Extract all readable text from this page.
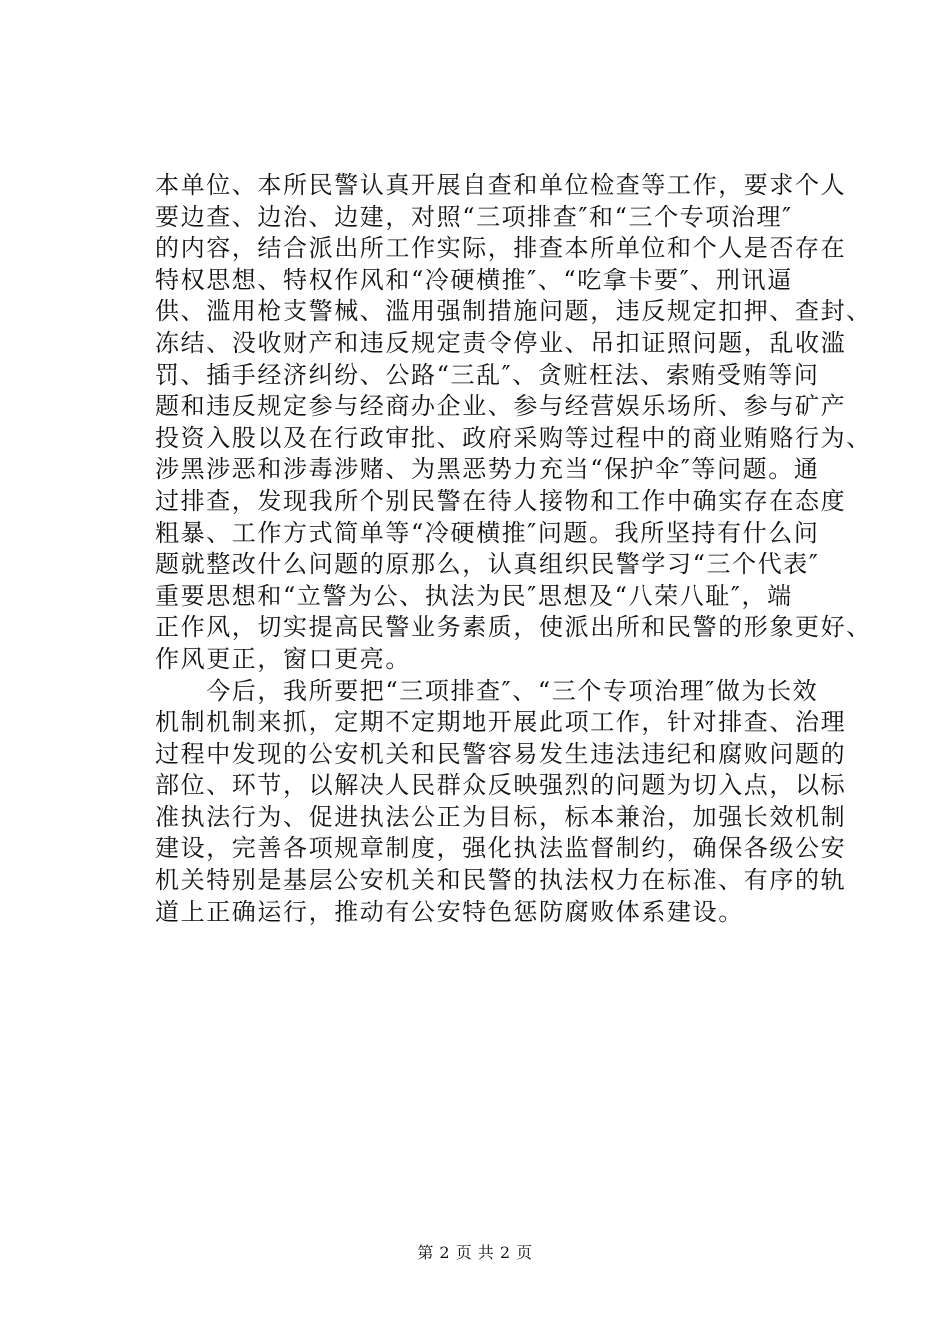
本单位、本所民警认真开展自查和单位检查等工作，要求个人
要边查、边治、边建，对照“三项排查″和“三个专项治理″
的内容，结合派出所工作实际，排查本所单位和个人是否存在
特权思想、特权作风和“冷硬横推″、“吃拿卡要″、刑讯逼
供、滥用枪支警械、滥用强制措施问题，违反规定扣押、查封、
冻结、没收财产和违反规定责令停业、吊扣证照问题，乱收滥
罚、插手经济纠纷、公路“三乱″、贪赃枉法、索贿受贿等问
题和违反规定参与经商办企业、参与经营娱乐场所、参与矿产
投资入股以及在行政审批、政府采购等过程中的商业贿赂行为、
涉黑涉恶和涉毒涉赌、为黑恶势力充当“保护伞″等问题。通
过排查，发现我所个别民警在待人接物和工作中确实存在态度
粗暴、工作方式简单等“冷硬横推″问题。我所坚持有什么问
题就整改什么问题的原那么，认真组织民警学习“三个代表″
重要思想和“立警为公、执法为民″思想及“八荣八耻″，端
正作风，切实提高民警业务素质，使派出所和民警的形象更好、
作风更正，窗口更亮。
　　今后，我所要把“三项排查″、“三个专项治理″做为长效
机制机制来抓，定期不定期地开展此项工作，针对排查、治理
过程中发现的公安机关和民警容易发生违法违纪和腐败问题的
部位、环节，以解决人民群众反映强烈的问题为切入点，以标
准执法行为、促进执法公正为目标，标本兼治，加强长效机制
建设，完善各项规章制度，强化执法监督制约，确保各级公安
机关特别是基层公安机关和民警的执法权力在标准、有序的轨
道上正确运行，推动有公安特色惩防腐败体系建设。
第 2 页 共 2 页
